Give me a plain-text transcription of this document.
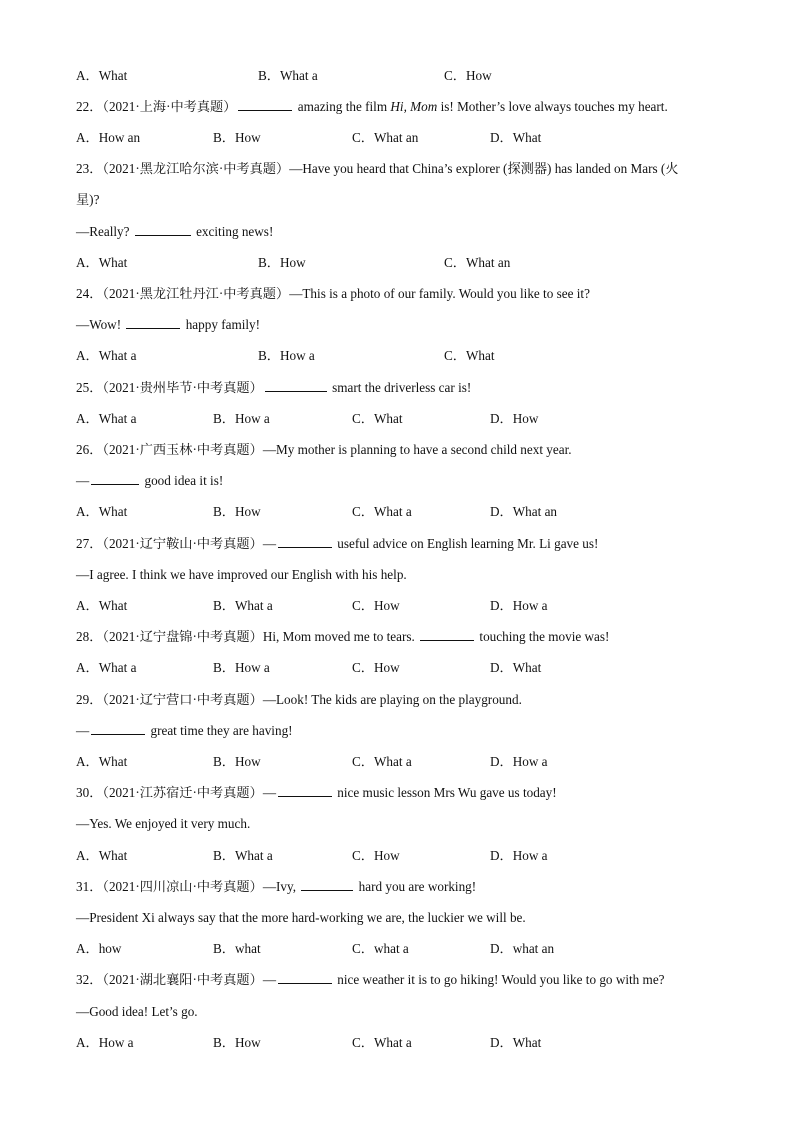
A．What	B．What a	C．How
22．（2021·上海·中考真题）	amazing the film Hi, Mom is! Mother’s love always touches my heart.
A．How an	B．How	C．What an	D．What
23．（2021·黑龙江哈尔滨·中考真题）—Have you heard that China’s explorer (探测器) has landed on Mars (火
星)?
—Really?	exciting news!
A．What	B．How	C．What an
24．（2021·黑龙江牡丹江·中考真题）—This is a photo of our family. Would you like to see it?
—Wow!	happy family!
A．What a	B．How a	C．What
25．（2021·贵州毕节·中考真题）	smart the driverless car is!
A．What a	B．How a	C．What	D．How
26．（2021·广西玉林·中考真题）—My mother is planning to have a second child next year.
—	good idea it is!
A．What	B．How	C．What a	D．What an
27．（2021·辽宁鞍山·中考真题）—	useful advice on English learning Mr. Li gave us!
—I agree. I think we have improved our English with his help.
A．What	B．What a	C．How	D．How a
28．（2021·辽宁盘锦·中考真题）Hi, Mom moved me to tears.	touching the movie was!
A．What a	B．How a	C．How	D．What
29．（2021·辽宁营口·中考真题）—Look! The kids are playing on the playground.
—	great time they are having!
A．What	B．How	C．What a	D．How a
30．（2021·江苏宿迁·中考真题）—	nice music lesson Mrs Wu gave us today!
—Yes. We enjoyed it very much.
A．What	B．What a	C．How	D．How a
31．（2021·四川凉山·中考真题）—Ivy,	hard you are working!
—President Xi always say that the more hard-working we are, the luckier we will be.
A．how	B．what	C．what a	D．what an
32．（2021·湖北襄阳·中考真题）—	nice weather it is to go hiking! Would you like to go with me?
—Good idea! Let’s go.
A．How a	B．How	C．What a	D．What
